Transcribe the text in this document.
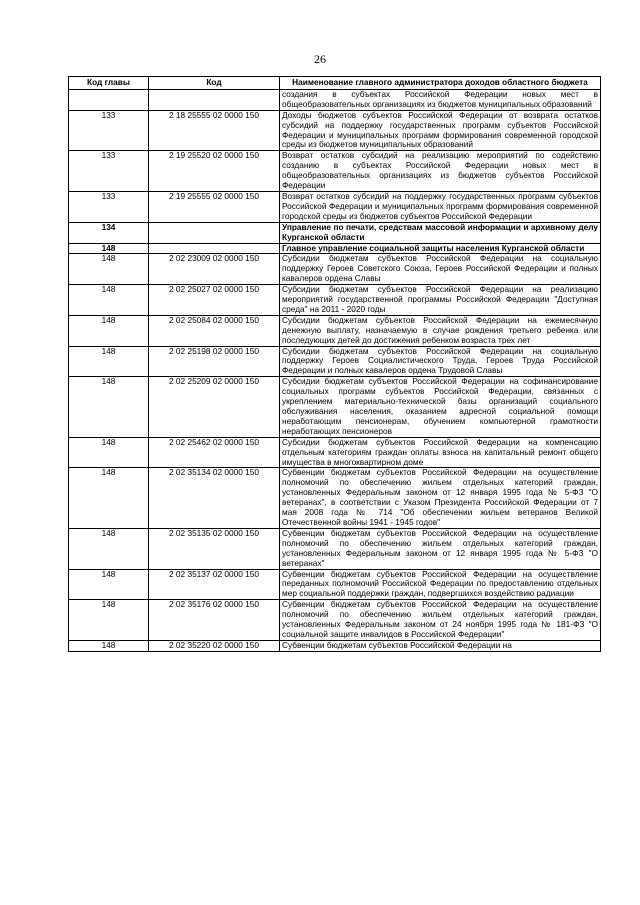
26
Код главы	Код	Наименование главного администратора доходов областного бюджета
		создания в субъектах Российской Федерации новых мест в общеобразовательных организациях из бюджетов муниципальных образований
133	2 18 25555 02 0000 150	Доходы бюджетов субъектов Российской Федерации от возврата остатков субсидий на поддержку государственных программ субъектов Российской Федерации и муниципальных программ формирования современной городской среды из бюджетов муниципальных образований
133	2 19 25520 02 0000 150	Возврат остатков субсидий на реализацию мероприятий по содействию созданию в субъектах Российской Федерации новых мест в общеобразовательных организациях из бюджетов субъектов Российской Федерации
133	2 19 25555 02 0000 150	Возврат остатков субсидий на поддержку государственных программ субъектов Российской Федерации и муниципальных программ формирования современной городской среды из бюджетов субъектов Российской Федерации
134		Управление по печати, средствам массовой информации и архивному делу Курганской области
148		Главное управление социальной защиты населения Курганской области
148	2 02 23009 02 0000 150	Субсидии бюджетам субъектов Российской Федерации на социальную поддержку Героев Советского Союза, Героев Российской Федерации и полных кавалеров ордена Славы
148	2 02 25027 02 0000 150	Субсидии бюджетам субъектов Российской Федерации на реализацию мероприятий государственной программы Российской Федерации "Доступная среда" на 2011 - 2020 годы
148	2 02 25084 02 0000 150	Субсидии бюджетам субъектов Российской Федерации на ежемесячную денежную выплату, назначаемую в случае рождения третьего ребенка или последующих детей до достижения ребенком возраста трех лет
148	2 02 25198 02 0000 150	Субсидии бюджетам субъектов Российской Федерации на социальную поддержку Героев Социалистического Труда, Героев Труда Российской Федерации и полных кавалеров ордена Трудовой Славы
148	2 02 25209 02 0000 150	Субсидии бюджетам субъектов Российской Федерации на софинансирование социальных программ субъектов Российской Федерации, связанных с укреплением материально-технической базы организаций социального обслуживания населения, оказанием адресной социальной помощи неработающим пенсионерам, обучением компьютерной грамотности неработающих пенсионеров
148	2 02 25462 02 0000 150	Субсидии бюджетам субъектов Российской Федерации на компенсацию отдельным категориям граждан оплаты взноса на капитальный ремонт общего имущества в многоквартирном доме
148	2 02 35134 02 0000 150	Субвенции бюджетам субъектов Российской Федерации на осуществление полномочий по обеспечению жильем отдельных категорий граждан, установленных Федеральным законом от 12 января 1995 года № 5-ФЗ "О ветеранах", в соответствии с Указом Президента Российской Федерации от 7 мая 2008 года № 714 "Об обеспечении жильем ветеранов Великой Отечественной войны 1941 - 1945 годов"
148	2 02 35135 02 0000 150	Субвенции бюджетам субъектов Российской Федерации на осуществление полномочий по обеспечению жильем отдельных категорий граждан, установленных Федеральным законом от 12 января 1995 года № 5-ФЗ "О ветеранах"
148	2 02 35137 02 0000 150	Субвенции бюджетам субъектов Российской Федерации на осуществление переданных полномочий Российской Федерации по предоставлению отдельных мер социальной поддержки граждан, подвергшихся воздействию радиации
148	2 02 35176 02 0000 150	Субвенции бюджетам субъектов Российской Федерации на осуществление полномочий по обеспечению жильем отдельных категорий граждан, установленных Федеральным законом от 24 ноября 1995 года № 181-ФЗ "О социальной защите инвалидов в Российской Федерации"
148	2 02 35220 02 0000 150	Субвенции бюджетам субъектов Российской Федерации на
